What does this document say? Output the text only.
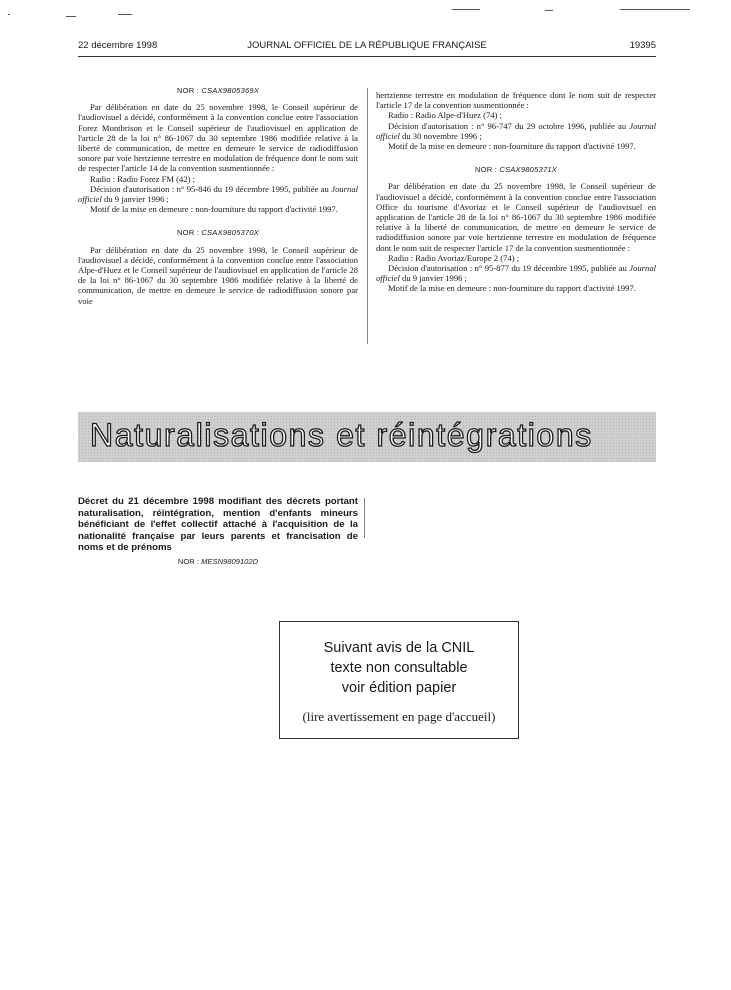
22 décembre 1998	JOURNAL OFFICIEL DE LA RÉPUBLIQUE FRANÇAISE	19395
NOR : CSAX9805369X

Par délibération en date du 25 novembre 1998, le Conseil supérieur de l'audiovisuel a décidé, conformément à la convention conclue entre l'association Forez Montbrison et le Conseil supérieur de l'audiovisuel en application de l'article 28 de la loi n° 86-1067 du 30 septembre 1986 modifiée relative à la liberté de communication, de mettre en demeure le service de radiodiffusion sonore par voie hertzienne terrestre en modulation de fréquence dont le nom suit de respecter l'article 14 de la convention susmentionnée :

Radio : Radio Forez FM (42) ;

Décision d'autorisation : n° 95-846 du 19 décembre 1995, publiée au Journal officiel du 9 janvier 1996 ;

Motif de la mise en demeure : non-fourniture du rapport d'activité 1997.

NOR : CSAX9805370X

Par délibération en date du 25 novembre 1998, le Conseil supérieur de l'audiovisuel a décidé, conformément à la convention conclue entre l'association Alpe-d'Huez et le Conseil supérieur de l'audiovisuel en application de l'article 28 de la loi n° 86-1067 du 30 septembre 1986 modifiée relative à la liberté de communication, de mettre en demeure le service de radiodiffusion sonore par voie

hertzienne terrestre en modulation de fréquence dont le nom suit de respecter l'article 17 de la convention susmentionnée :

Radio : Radio Alpe-d'Huez (74) ;

Décision d'autorisation : n° 96-747 du 29 octobre 1996, publiée au Journal officiel du 30 novembre 1996 ;

Motif de la mise en demeure : non-fourniture du rapport d'activité 1997.

NOR : CSAX9805371X

Par délibération en date du 25 novembre 1998, le Conseil supérieur de l'audiovisuel a décidé, conformément à la convention conclue entre l'association Office du tourisme d'Avoriaz et le Conseil supérieur de l'audiovisuel en application de l'article 28 de la loi n° 86-1067 du 30 septembre 1986 modifiée relative à la liberté de communication, de mettre en demeure le service de radiodiffusion sonore par voie hertzienne terrestre en modulation de fréquence dont le nom suit de respecter l'article 17 de la convention susmentionnée :

Radio : Radio Avoriaz/Europe 2 (74) ;

Décision d'autorisation : n° 95-877 du 19 décembre 1995, publiée au Journal officiel du 9 janvier 1996 ;

Motif de la mise en demeure : non-fourniture du rapport d'activité 1997.

Naturalisations et réintégrations
Décret du 21 décembre 1998 modifiant des décrets portant naturalisation, réintégration, mention d'enfants mineurs bénéficiant de l'effet collectif attaché à l'acquisition de la nationalité française par leurs parents et francisation de noms et de prénoms
NOR : MESN9809102D
Suivant avis de la CNIL
texte non consultable
voir édition papier
(lire avertissement en page d'accueil)
